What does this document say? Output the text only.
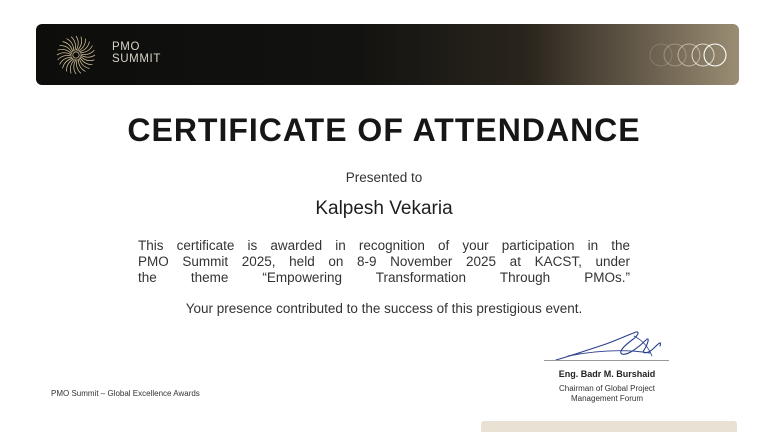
PMO
SUMMIT
CERTIFICATE OF ATTENDANCE
Presented to
Kalpesh Vekaria
This certificate is awarded in recognition of your participation in the
PMO Summit 2025, held on 8-9 November 2025 at KACST, under
the theme “Empowering Transformation Through PMOs.”
Your presence contributed to the success of this prestigious event.
PMO Summit – Global Excellence Awards
Eng. Badr M. Burshaid
Chairman of Global Project
Management Forum
